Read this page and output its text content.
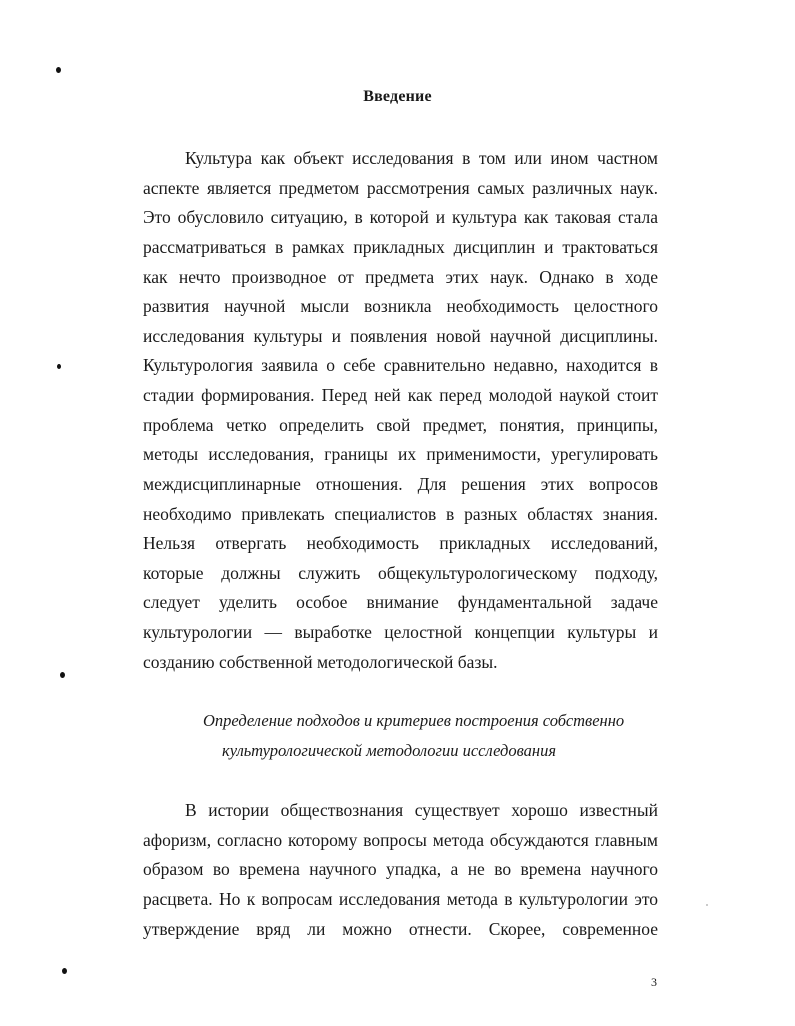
Введение
Культура как объект исследования в том или ином частном
аспекте является предметом рассмотрения самых различных наук.
Это обусловило ситуацию, в которой и культура как таковая стала
рассматриваться в рамках прикладных дисциплин и трактоваться
как нечто производное от предмета этих наук. Однако в ходе
развития научной мысли возникла необходимость целостного
исследования культуры и появления новой научной дисциплины.
Культурология заявила о себе сравнительно недавно, находится в
стадии формирования. Перед ней как перед молодой наукой стоит
проблема четко определить свой предмет, понятия, принципы,
методы исследования, границы их применимости, урегулировать
междисциплинарные отношения. Для решения этих вопросов
необходимо привлекать специалистов в разных областях знания.
Нельзя отвергать необходимость прикладных исследований,
которые должны служить общекультурологическому подходу,
следует уделить особое внимание фундаментальной задаче
культурологии — выработке целостной концепции культуры и
созданию собственной методологической базы.
Определение подходов и критериев построения собственно
культурологической методологии исследования
В истории обществознания существует хорошо известный
афоризм, согласно которому вопросы метода обсуждаются главным
образом во времена научного упадка, а не во времена научного
расцвета. Но к вопросам исследования метода в культурологии это
утверждение вряд ли можно отнести. Скорее, современное
3
